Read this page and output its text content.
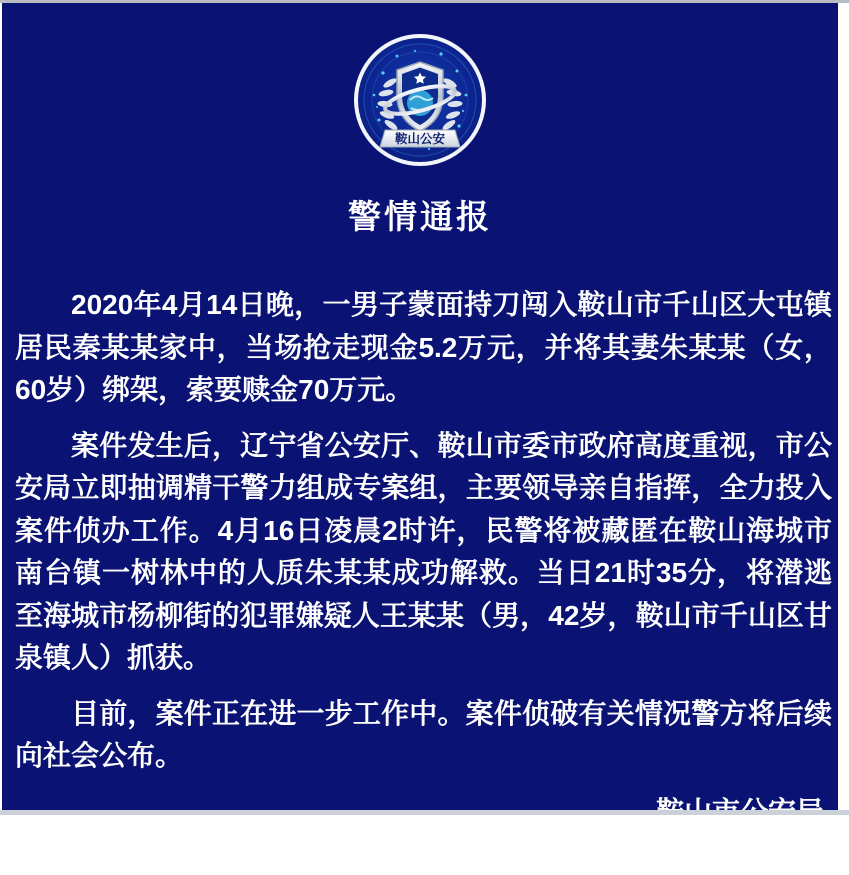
鞍山公安
警情通报

2020年4月14日晚，一男子蒙面持刀闯入鞍山市千山区大屯镇居民秦某某家中，当场抢走现金5.2万元，并将其妻朱某某（女，60岁）绑架，索要赎金70万元。

案件发生后，辽宁省公安厅、鞍山市委市政府高度重视，市公安局立即抽调精干警力组成专案组，主要领导亲自指挥，全力投入案件侦办工作。4月16日凌晨2时许，民警将被藏匿在鞍山海城市南台镇一树林中的人质朱某某成功解救。当日21时35分，将潜逃至海城市杨柳街的犯罪嫌疑人王某某（男，42岁，鞍山市千山区甘泉镇人）抓获。

目前，案件正在进一步工作中。案件侦破有关情况警方将后续向社会公布。

2020年4月17日
